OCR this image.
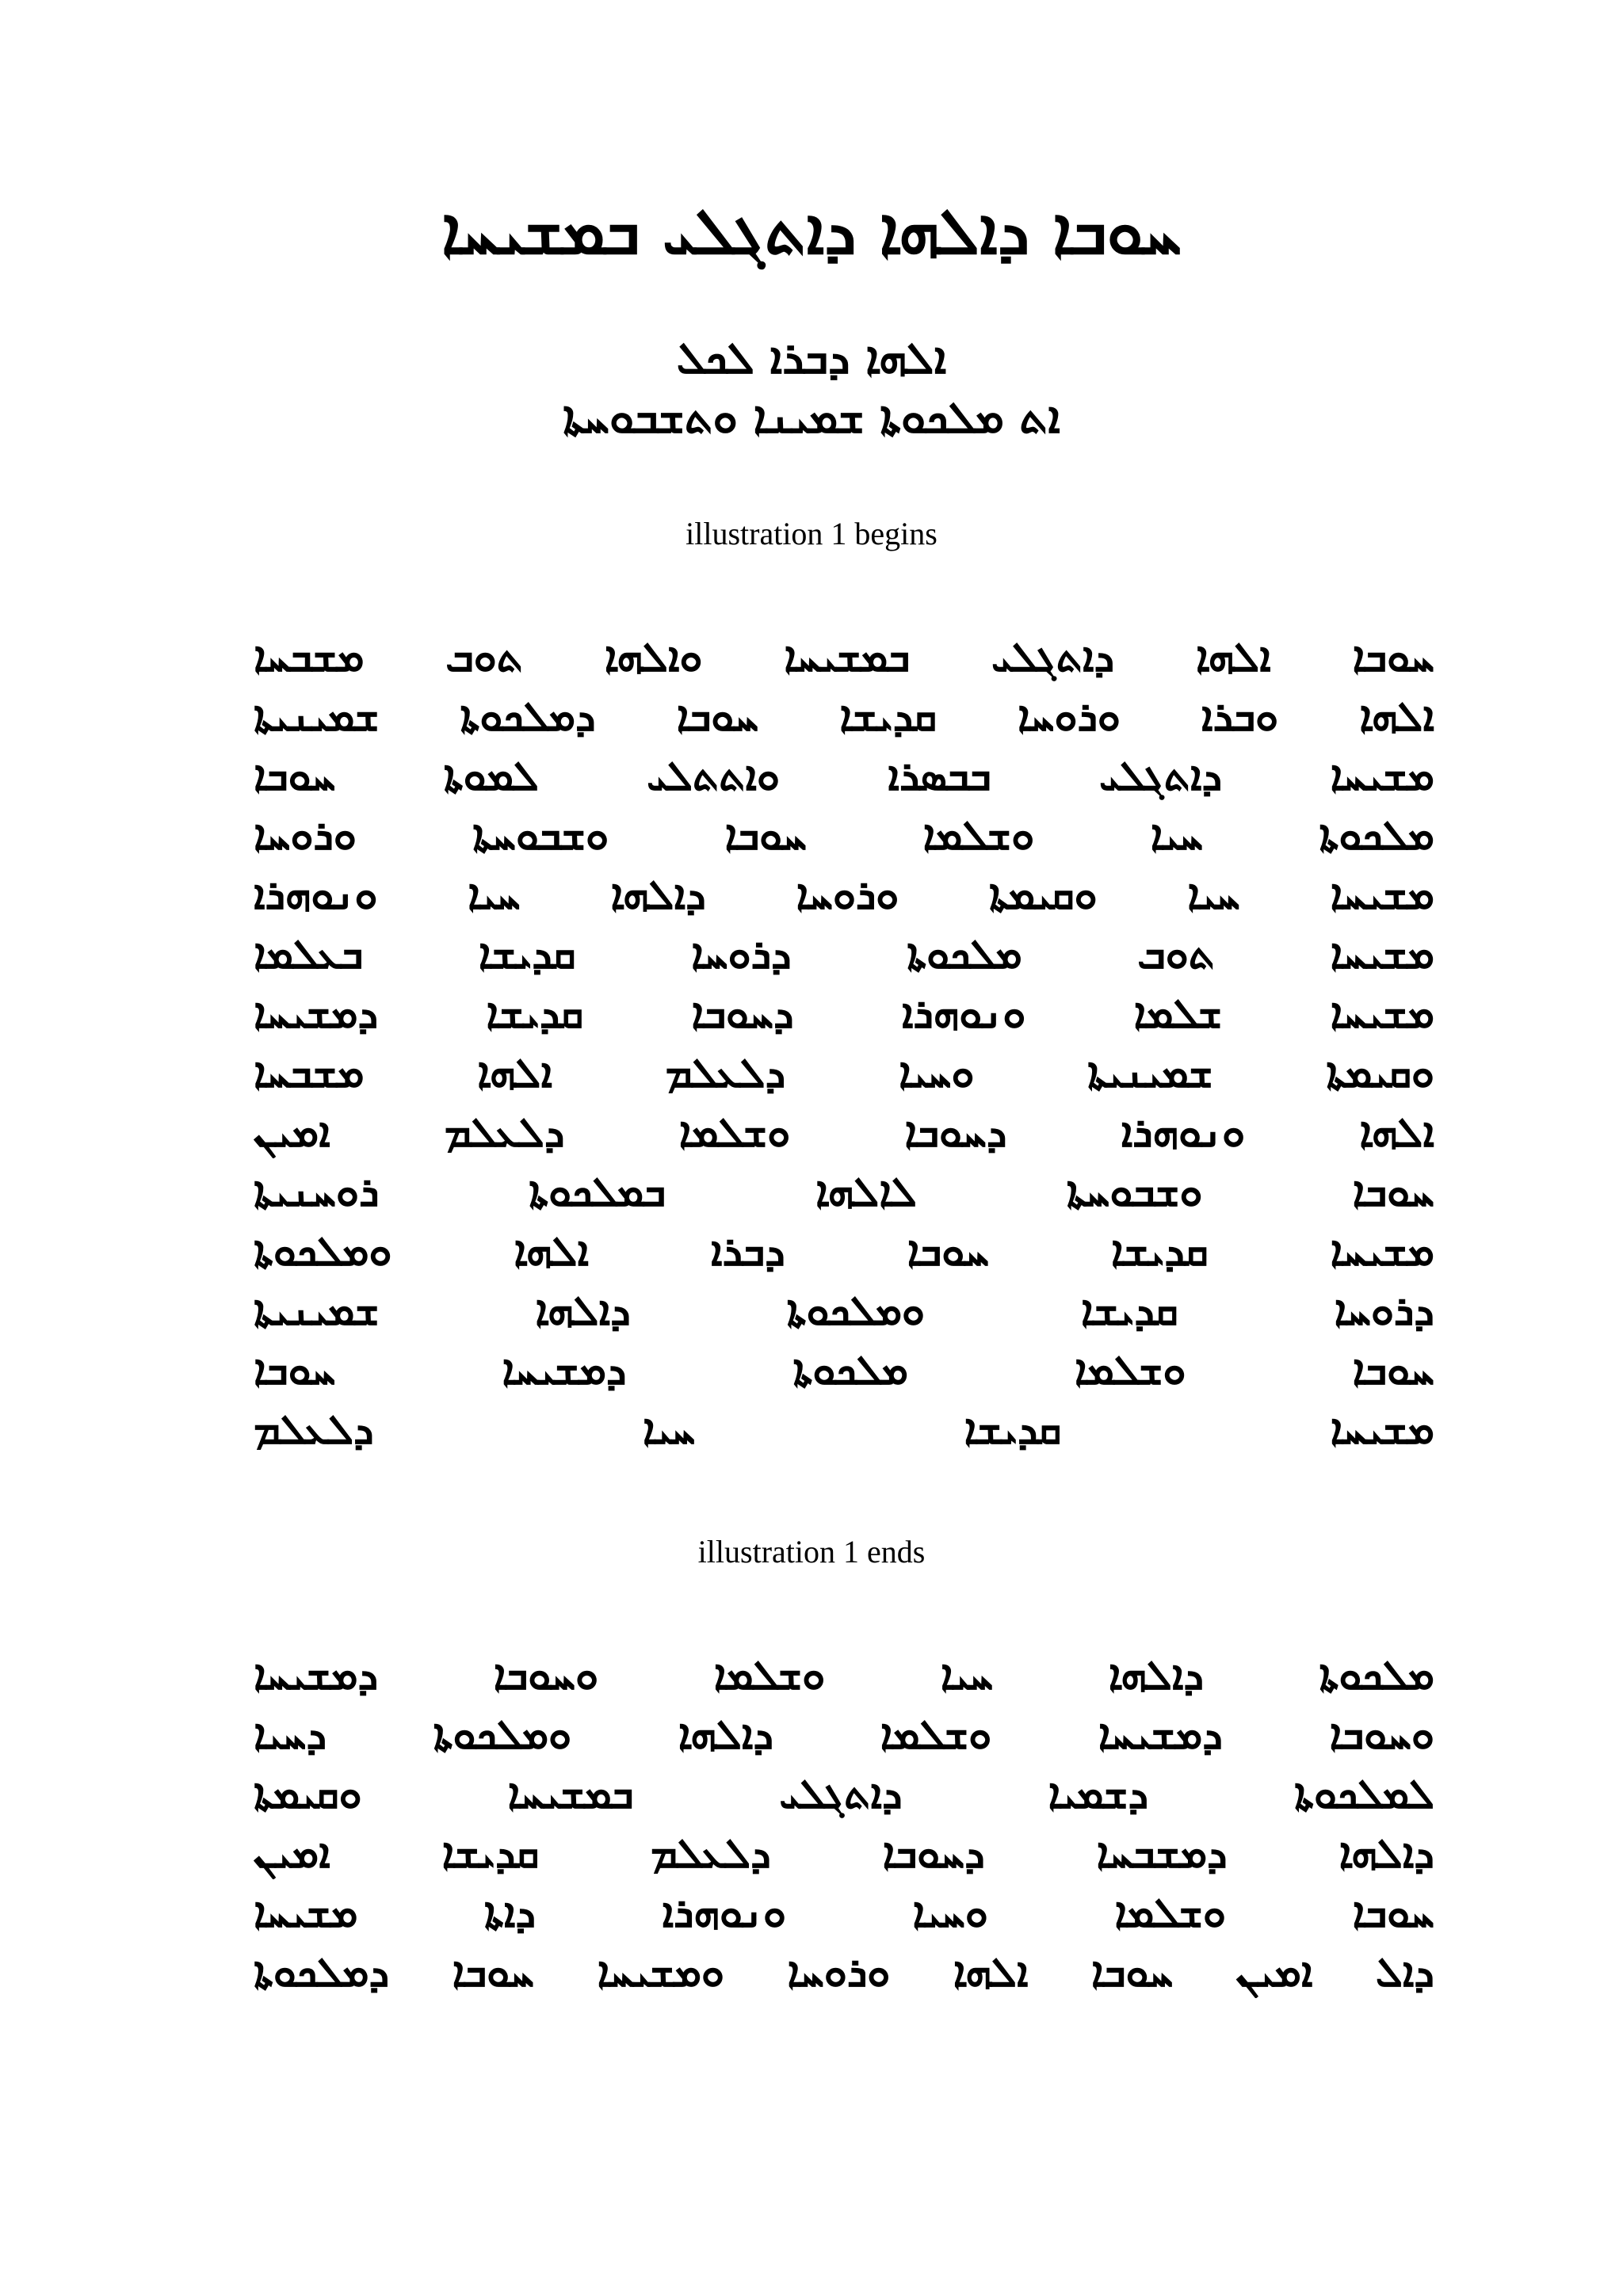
ܚܘܒܐ ܕܐܠܗܐ ܕܐܬܓܠܝ ܒܡܫܝܚܐ
ܐܠܗܐ ܕܒܪܐ ܠܟܠ
ܐܬ ܡܠܟܘܬܐ ܫܡܝܢܐ ܘܬܫܒܘܚܬܐ
illustration 1 begins
ܚܘܒܐ ܐܠܗܐ ܕܐܬܓܠܝ ܒܡܫܝܚܐ ܘܐܠܗܐ ܬܘܒ ܡܫܒܚܐ
ܐܠܗܐ ܘܒܪܐ ܘܪܘܚܐ ܩܕܝܫܐ ܚܘܒܐ ܕܡܠܟܘܬܐ ܫܡܝܢܝܬܐ
ܡܫܝܚܐ ܕܐܬܓܠܝ ܒܒܣܪܐ ܘܐܬܬܠܝ ܠܡܘܬܐ ܚܘܒܐ
ܡܠܟܘܬܐ ܚܝܐ ܘܫܠܡܐ ܚܘܒܐ ܘܫܒܘܚܬܐ ܘܪܘܚܐ
ܡܫܝܚܐ ܚܝܐ ܘܩܝܡܬܐ ܘܪܘܚܐ ܕܐܠܗܐ ܚܝܐ ܘܢܘܗܪܐ
ܡܫܝܚܐ ܬܘܒ ܡܠܟܘܬܐ ܕܪܘܚܐ ܩܕܝܫܐ ܒܥܠܡܐ
ܡܫܝܚܐ ܫܠܡܐ ܘܢܘܗܪܐ ܕܚܘܒܐ ܩܕܝܫܐ ܕܡܫܝܚܐ
ܘܩܝܡܬܐ ܫܡܝܢܝܬܐ ܘܚܝܐ ܕܠܥܠܡ ܐܠܗܐ ܡܫܒܚܐ
ܐܠܗܐ ܘܢܘܗܪܐ ܕܚܘܒܐ ܘܫܠܡܐ ܕܠܥܠܡ ܐܡܝܢ
ܚܘܒܐ ܘܫܒܘܚܬܐ ܠܐܠܗܐ ܒܡܠܟܘܬܐ ܪܘܚܢܝܬܐ
ܡܫܝܚܐ ܩܕܝܫܐ ܚܘܒܐ ܕܒܪܐ ܐܠܗܐ ܘܡܠܟܘܬܐ
ܕܪܘܚܐ ܩܕܝܫܐ ܘܡܠܟܘܬܐ ܕܐܠܗܐ ܫܡܝܢܝܬܐ
ܚܘܒܐ ܘܫܠܡܐ ܡܠܟܘܬܐ ܕܡܫܝܚܐ ܚܘܒܐ
ܡܫܝܚܐ ܩܕܝܫܐ ܚܝܐ ܕܠܥܠܡ
illustration 1 ends
ܡܠܟܘܬܐ ܕܐܠܗܐ ܚܝܐ ܘܫܠܡܐ ܘܚܘܒܐ ܕܡܫܝܚܐ
ܘܚܘܒܐ ܕܡܫܝܚܐ ܘܫܠܡܐ ܕܐܠܗܐ ܘܡܠܟܘܬܐ ܕܚܝܐ
ܠܡܠܟܘܬܐ ܕܫܡܝܐ ܕܐܬܓܠܝ ܒܡܫܝܚܐ ܘܩܝܡܬܐ
ܕܐܠܗܐ ܕܡܫܒܚܐ ܕܚܘܒܐ ܕܠܥܠܡ ܩܕܝܫܐ ܐܡܝܢ
ܚܘܒܐ ܘܫܠܡܐ ܘܚܝܐ ܘܢܘܗܪܐ ܕܐܬܐ ܡܫܝܚܐ
ܕܐܠ ܐܡܝܢ ܚܘܒܐ ܐܠܗܐ ܘܪܘܚܐ ܘܡܫܝܚܐ ܚܘܒܐ ܕܡܠܟܘܬܐ
